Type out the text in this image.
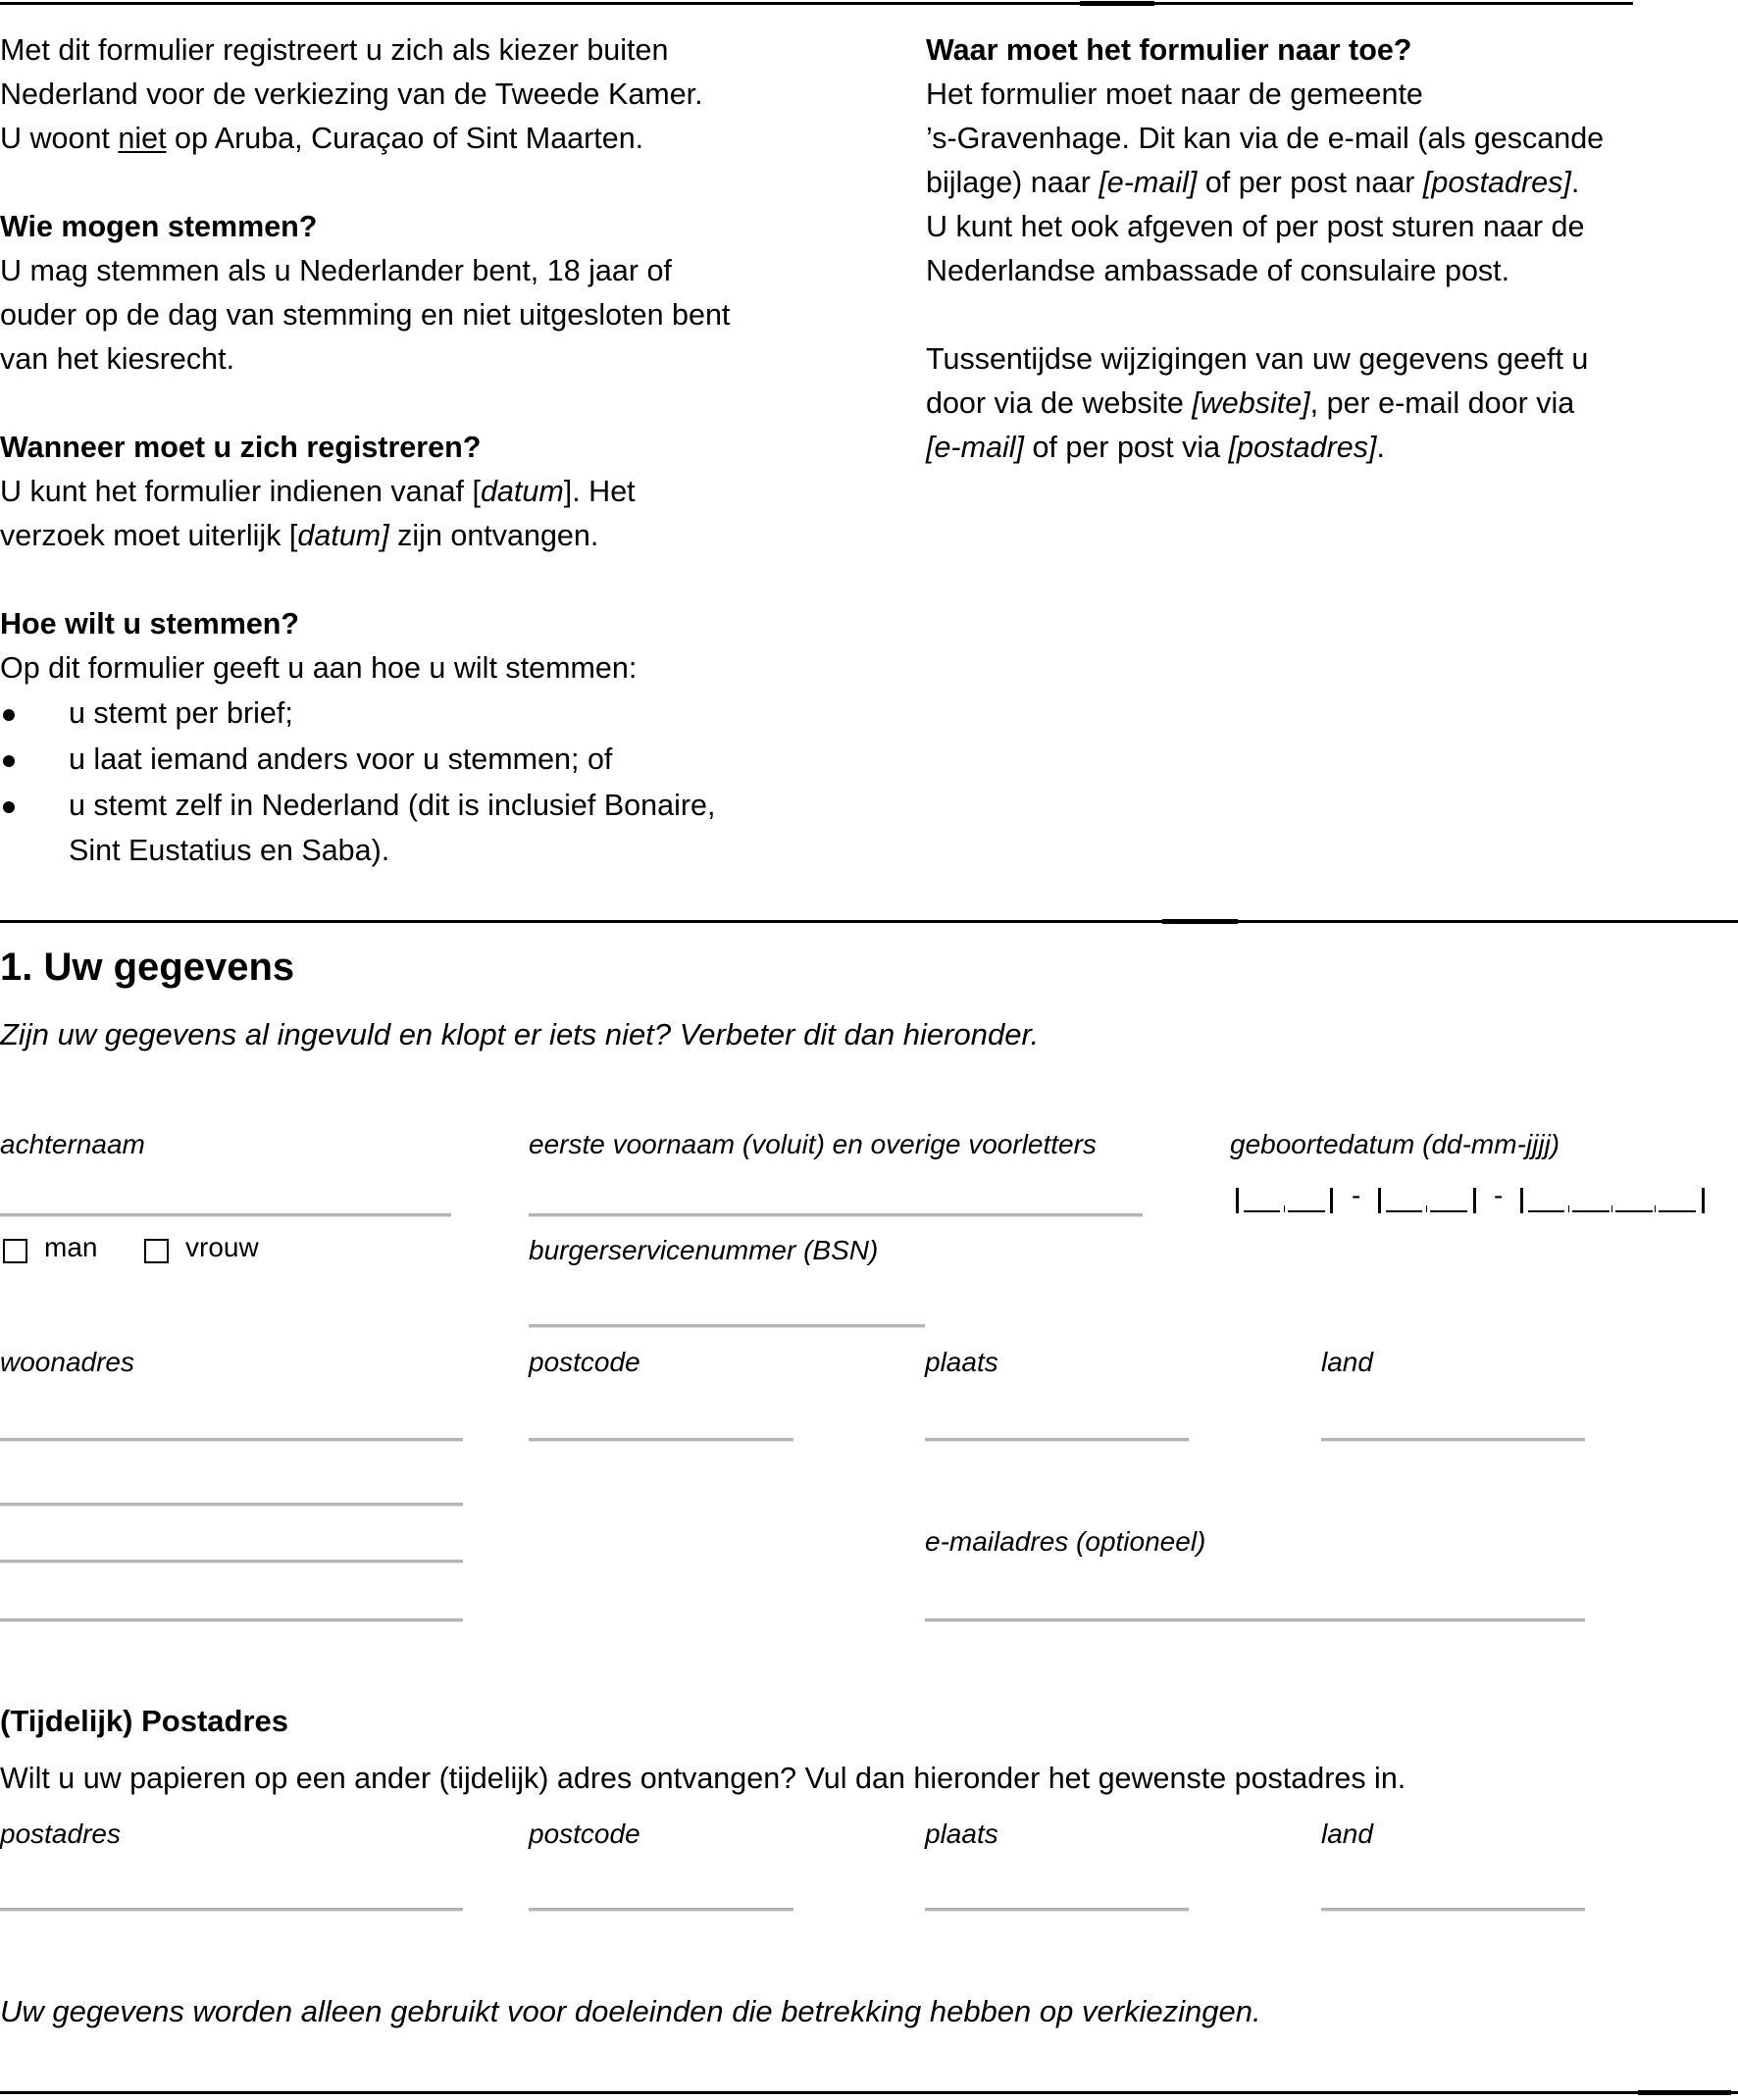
Met dit formulier registreert u zich als kiezer buiten

Nederland voor de verkiezing van de Tweede Kamer.

U woont niet op Aruba, Curaçao of Sint Maarten.

Wie mogen stemmen?

U mag stemmen als u Nederlander bent, 18 jaar of

ouder op de dag van stemming en niet uitgesloten bent

van het kiesrecht.

Wanneer moet u zich registreren?

U kunt het formulier indienen vanaf [datum]. Het

verzoek moet uiterlijk [datum] zijn ontvangen.

Hoe wilt u stemmen?

Op dit formulier geeft u aan hoe u wilt stemmen:

u stemt per brief;
u laat iemand anders voor u stemmen; of
u stemt zelf in Nederland (dit is inclusief Bonaire,
Sint Eustatius en Saba).

Waar moet het formulier naar toe?

Het formulier moet naar de gemeente

’s-Gravenhage. Dit kan via de e-mail (als gescande

bijlage) naar [e-mail] of per post naar [postadres].

U kunt het ook afgeven of per post sturen naar de

Nederlandse ambassade of consulaire post.

Tussentijdse wijzigingen van uw gegevens geeft u

door via de website [website], per e-mail door via

[e-mail] of per post via [postadres].

1. Uw gegevens
Zijn uw gegevens al ingevuld en klopt er iets niet? Verbeter dit dan hieronder.
achternaam	eerste voornaam (voluit) en overige voorletters	geboortedatum (dd-mm-jjjj)
-	-
man	vrouw	burgerservicenummer (BSN)
woonadres	postcode	plaats	land
e-mailadres (optioneel)
(Tijdelijk) Postadres
Wilt u uw papieren op een ander (tijdelijk) adres ontvangen? Vul dan hieronder het gewenste postadres in.
postadres	postcode	plaats	land
Uw gegevens worden alleen gebruikt voor doeleinden die betrekking hebben op verkiezingen.
